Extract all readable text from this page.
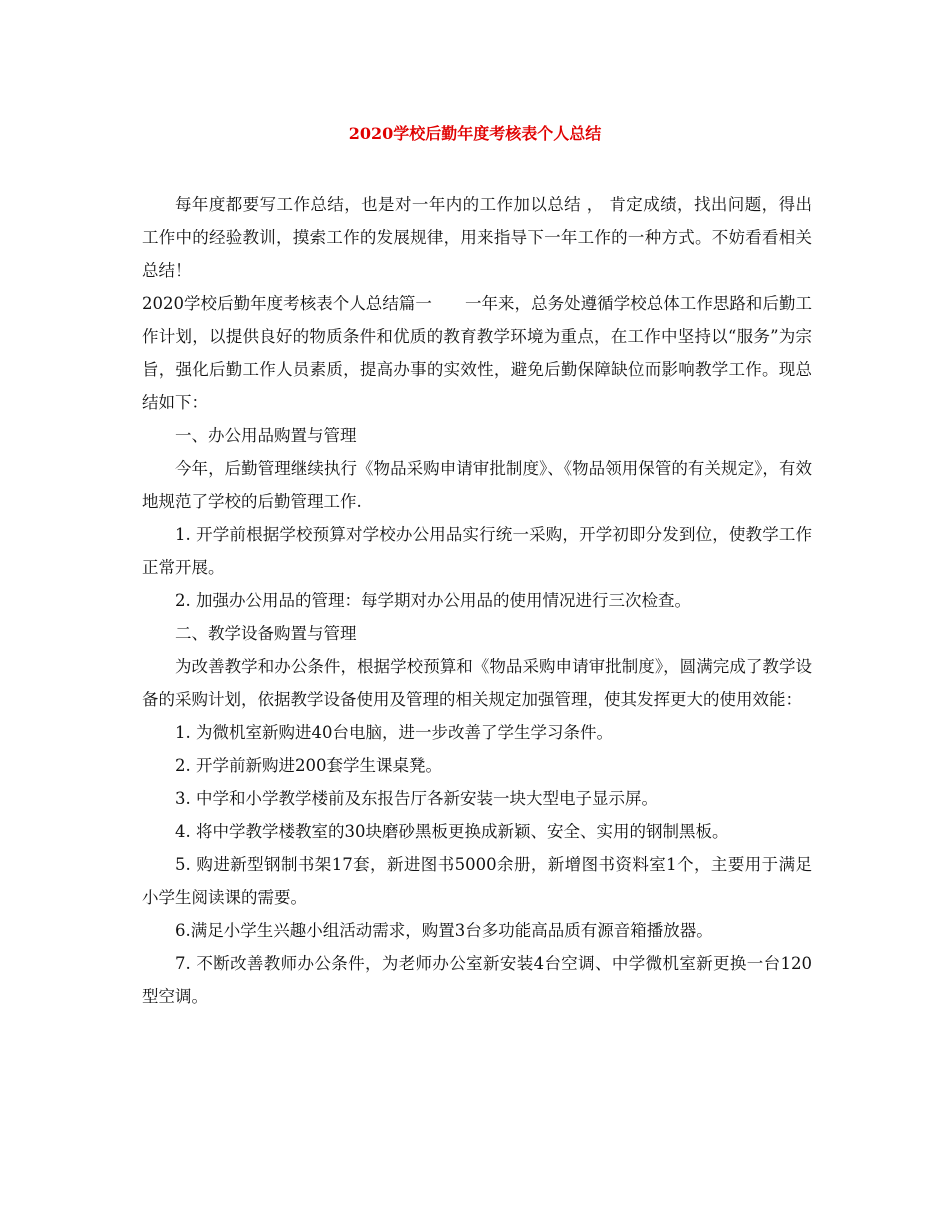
2020学校后勤年度考核表个人总结

每年度都要写工作总结，也是对一年内的工作加以总结 ， 肯定成绩，找出问题，得出工作中的经验教训，摸索工作的发展规律，用来指导下一年工作的一种方式。不妨看看相关总结！

2020学校后勤年度考核表个人总结篇一　　一年来，总务处遵循学校总体工作思路和后勤工作计划，以提供良好的物质条件和优质的教育教学环境为重点，在工作中坚持以“服务”为宗旨，强化后勤工作人员素质，提高办事的实效性，避免后勤保障缺位而影响教学工作。现总结如下：

一、办公用品购置与管理

今年，后勤管理继续执行《物品采购申请审批制度》、《物品领用保管的有关规定》，有效地规范了学校的后勤管理工作.

1. 开学前根据学校预算对学校办公用品实行统一采购，开学初即分发到位，使教学工作正常开展。

2. 加强办公用品的管理：每学期对办公用品的使用情况进行三次检查。

二、教学设备购置与管理

为改善教学和办公条件，根据学校预算和《物品采购申请审批制度》，圆满完成了教学设备的采购计划，依据教学设备使用及管理的相关规定加强管理，使其发挥更大的使用效能：

1. 为微机室新购进40台电脑，进一步改善了学生学习条件。

2. 开学前新购进200套学生课桌凳。

3. 中学和小学教学楼前及东报告厅各新安装一块大型电子显示屏。

4. 将中学教学楼教室的30块磨砂黑板更换成新颖、安全、实用的钢制黑板。

5. 购进新型钢制书架17套，新进图书5000余册，新增图书资料室1个，主要用于满足小学生阅读课的需要。

6.满足小学生兴趣小组活动需求，购置3台多功能高品质有源音箱播放器。

7. 不断改善教师办公条件，为老师办公室新安装4台空调、中学微机室新更换一台120型空调。
